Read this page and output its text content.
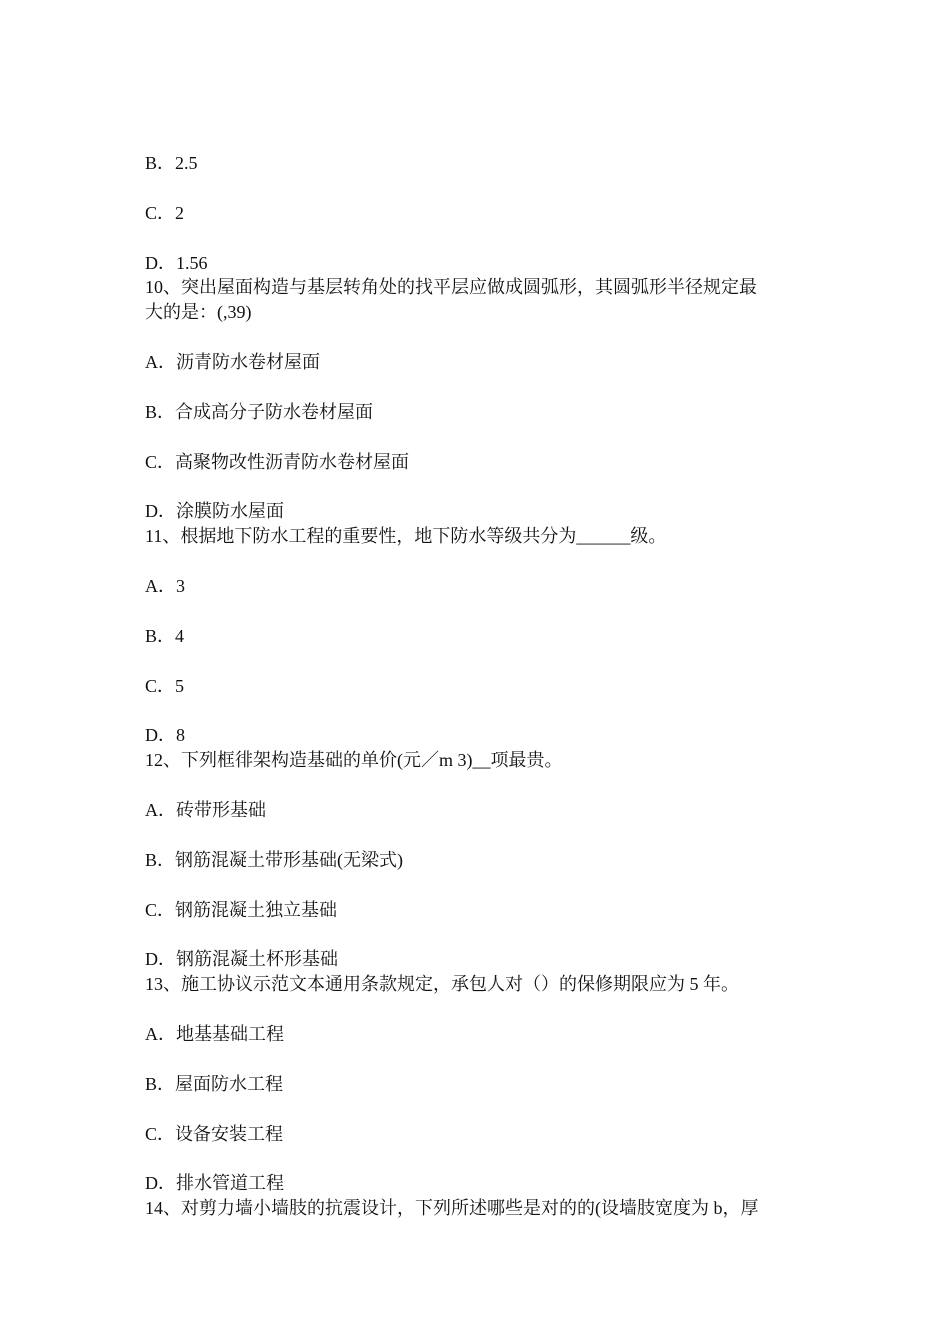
B．2.5
C．2
D．1.56
10、突出屋面构造与基层转角处的找平层应做成圆弧形，其圆弧形半径规定最
大的是：(,39)
A．沥青防水卷材屋面
B．合成高分子防水卷材屋面
C．高聚物改性沥青防水卷材屋面
D．涂膜防水屋面
11、根据地下防水工程的重要性，地下防水等级共分为______级。
A．3
B．4
C．5
D．8
12、下列框徘架构造基础的单价(元／m 3)__项最贵。
A．砖带形基础
B．钢筋混凝土带形基础(无梁式)
C．钢筋混凝土独立基础
D．钢筋混凝土杯形基础
13、施工协议示范文本通用条款规定，承包人对（）的保修期限应为 5 年。
A．地基基础工程
B．屋面防水工程
C．设备安装工程
D．排水管道工程
14、对剪力墙小墙肢的抗震设计，下列所述哪些是对的的(设墙肢宽度为 b，厚
